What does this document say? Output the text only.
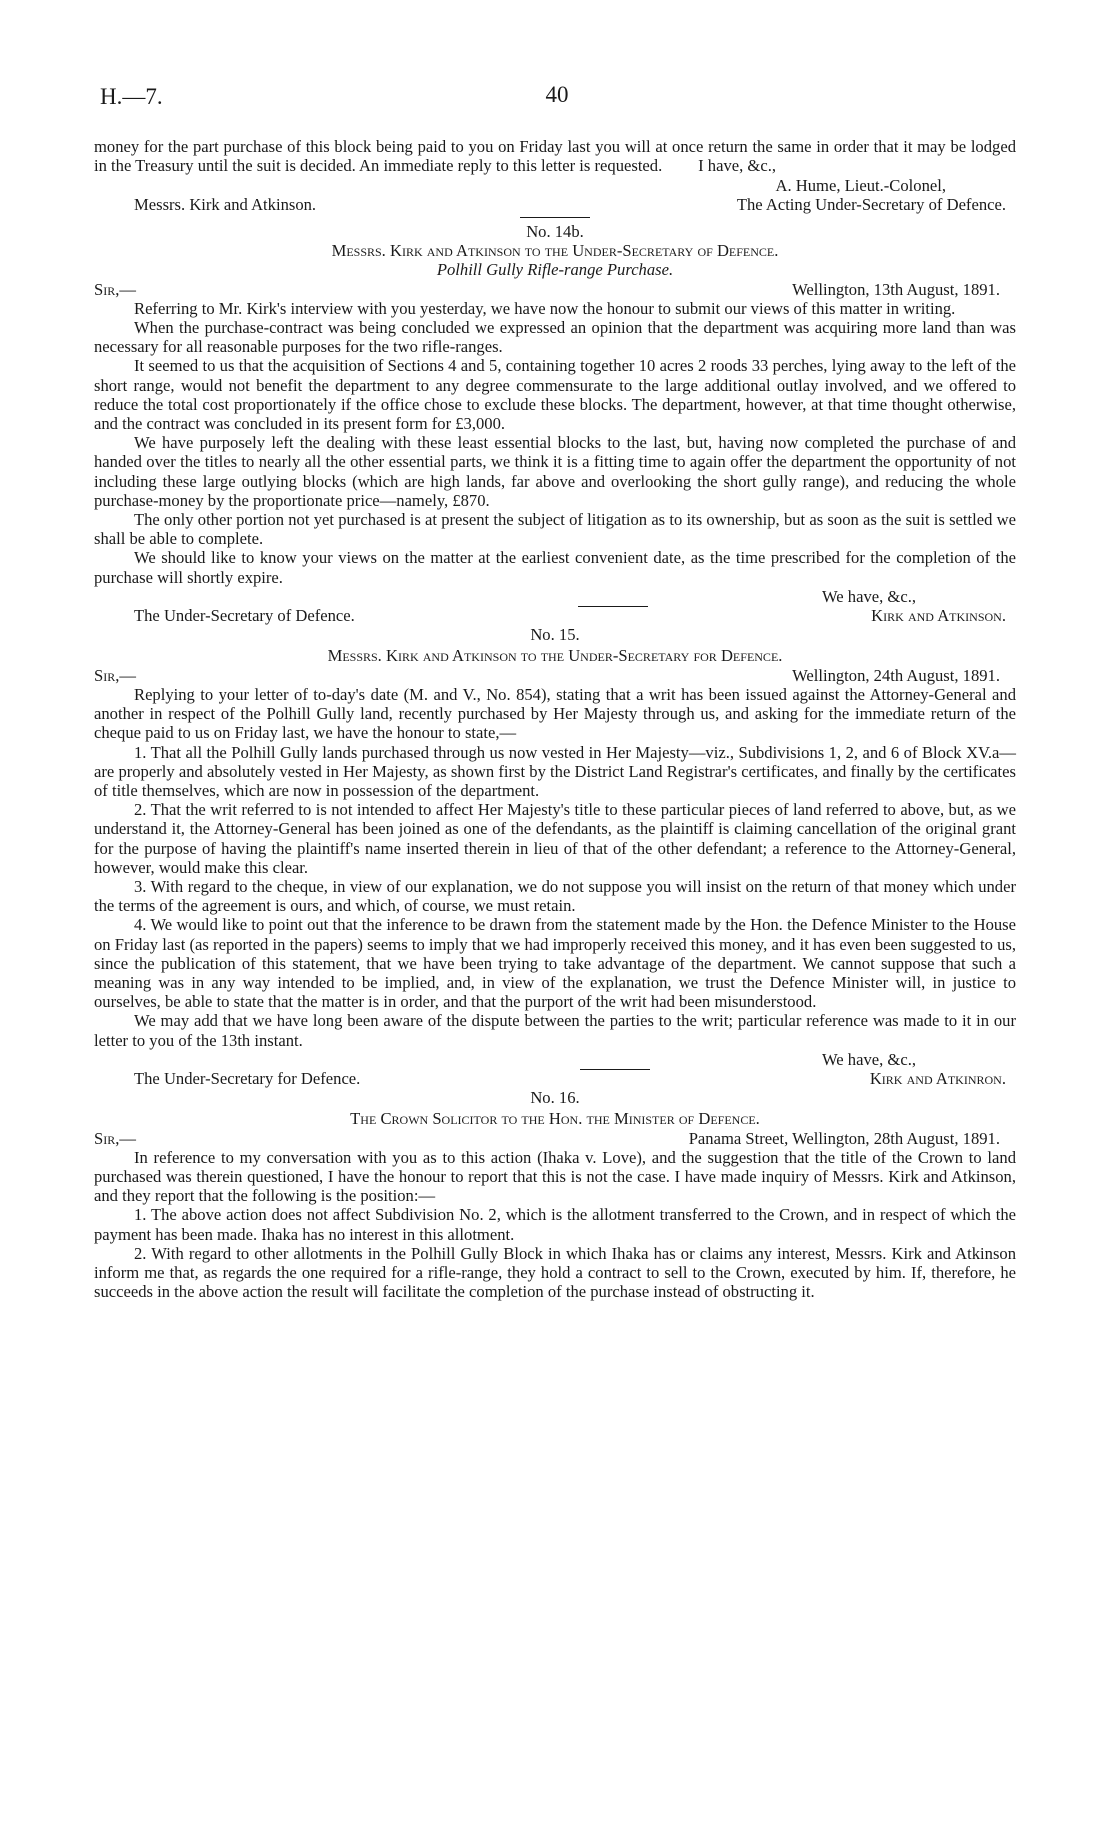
H.—7.	40

money for the part purchase of this block being paid to you on Friday last you will at once return the same in order that it may be lodged in the Treasury until the suit is decided. An immediate reply to this letter is requested.	I have, &c.,
A. Hume, Lieut.-Colonel,
Messrs. Kirk and Atkinson.	The Acting Under-Secretary of Defence.
No. 14b.
Messrs. Kirk and Atkinson to the Under-Secretary of Defence.
Polhill Gully Rifle-range Purchase.
Sir,—	Wellington, 13th August, 1891.

Referring to Mr. Kirk's interview with you yesterday, we have now the honour to submit our views of this matter in writing.

When the purchase-contract was being concluded we expressed an opinion that the department was acquiring more land than was necessary for all reasonable purposes for the two rifle-ranges.

It seemed to us that the acquisition of Sections 4 and 5, containing together 10 acres 2 roods 33 perches, lying away to the left of the short range, would not benefit the department to any degree commensurate to the large additional outlay involved, and we offered to reduce the total cost proportionately if the office chose to exclude these blocks. The department, however, at that time thought otherwise, and the contract was concluded in its present form for £3,000.

We have purposely left the dealing with these least essential blocks to the last, but, having now completed the purchase of and handed over the titles to nearly all the other essential parts, we think it is a fitting time to again offer the department the opportunity of not including these large outlying blocks (which are high lands, far above and overlooking the short gully range), and reducing the whole purchase-money by the proportionate price—namely, £870.

The only other portion not yet purchased is at present the subject of litigation as to its ownership, but as soon as the suit is settled we shall be able to complete.

We should like to know your views on the matter at the earliest convenient date, as the time prescribed for the completion of the purchase will shortly expire.

We have, &c.,
The Under-Secretary of Defence.	Kirk and Atkinson.
No. 15.
Messrs. Kirk and Atkinson to the Under-Secretary for Defence.
Sir,—	Wellington, 24th August, 1891.

Replying to your letter of to-day's date (M. and V., No. 854), stating that a writ has been issued against the Attorney-General and another in respect of the Polhill Gully land, recently purchased by Her Majesty through us, and asking for the immediate return of the cheque paid to us on Friday last, we have the honour to state,—

1. That all the Polhill Gully lands purchased through us now vested in Her Majesty—viz., Subdivisions 1, 2, and 6 of Block XV.a—are properly and absolutely vested in Her Majesty, as shown first by the District Land Registrar's certificates, and finally by the certificates of title themselves, which are now in possession of the department.

2. That the writ referred to is not intended to affect Her Majesty's title to these particular pieces of land referred to above, but, as we understand it, the Attorney-General has been joined as one of the defendants, as the plaintiff is claiming cancellation of the original grant for the purpose of having the plaintiff's name inserted therein in lieu of that of the other defendant; a reference to the Attorney-General, however, would make this clear.

3. With regard to the cheque, in view of our explanation, we do not suppose you will insist on the return of that money which under the terms of the agreement is ours, and which, of course, we must retain.

4. We would like to point out that the inference to be drawn from the statement made by the Hon. the Defence Minister to the House on Friday last (as reported in the papers) seems to imply that we had improperly received this money, and it has even been suggested to us, since the publication of this statement, that we have been trying to take advantage of the department. We cannot suppose that such a meaning was in any way intended to be implied, and, in view of the explanation, we trust the Defence Minister will, in justice to ourselves, be able to state that the matter is in order, and that the purport of the writ had been misunderstood.

We may add that we have long been aware of the dispute between the parties to the writ; particular reference was made to it in our letter to you of the 13th instant.

We have, &c.,
The Under-Secretary for Defence.	Kirk and Atkinron.
No. 16.
The Crown Solicitor to the Hon. the Minister of Defence.
Sir,—	Panama Street, Wellington, 28th August, 1891.

In reference to my conversation with you as to this action (Ihaka v. Love), and the suggestion that the title of the Crown to land purchased was therein questioned, I have the honour to report that this is not the case. I have made inquiry of Messrs. Kirk and Atkinson, and they report that the following is the position:—

1. The above action does not affect Subdivision No. 2, which is the allotment transferred to the Crown, and in respect of which the payment has been made. Ihaka has no interest in this allotment.

2. With regard to other allotments in the Polhill Gully Block in which Ihaka has or claims any interest, Messrs. Kirk and Atkinson inform me that, as regards the one required for a rifle-range, they hold a contract to sell to the Crown, executed by him. If, therefore, he succeeds in the above action the result will facilitate the completion of the purchase instead of obstructing it.
